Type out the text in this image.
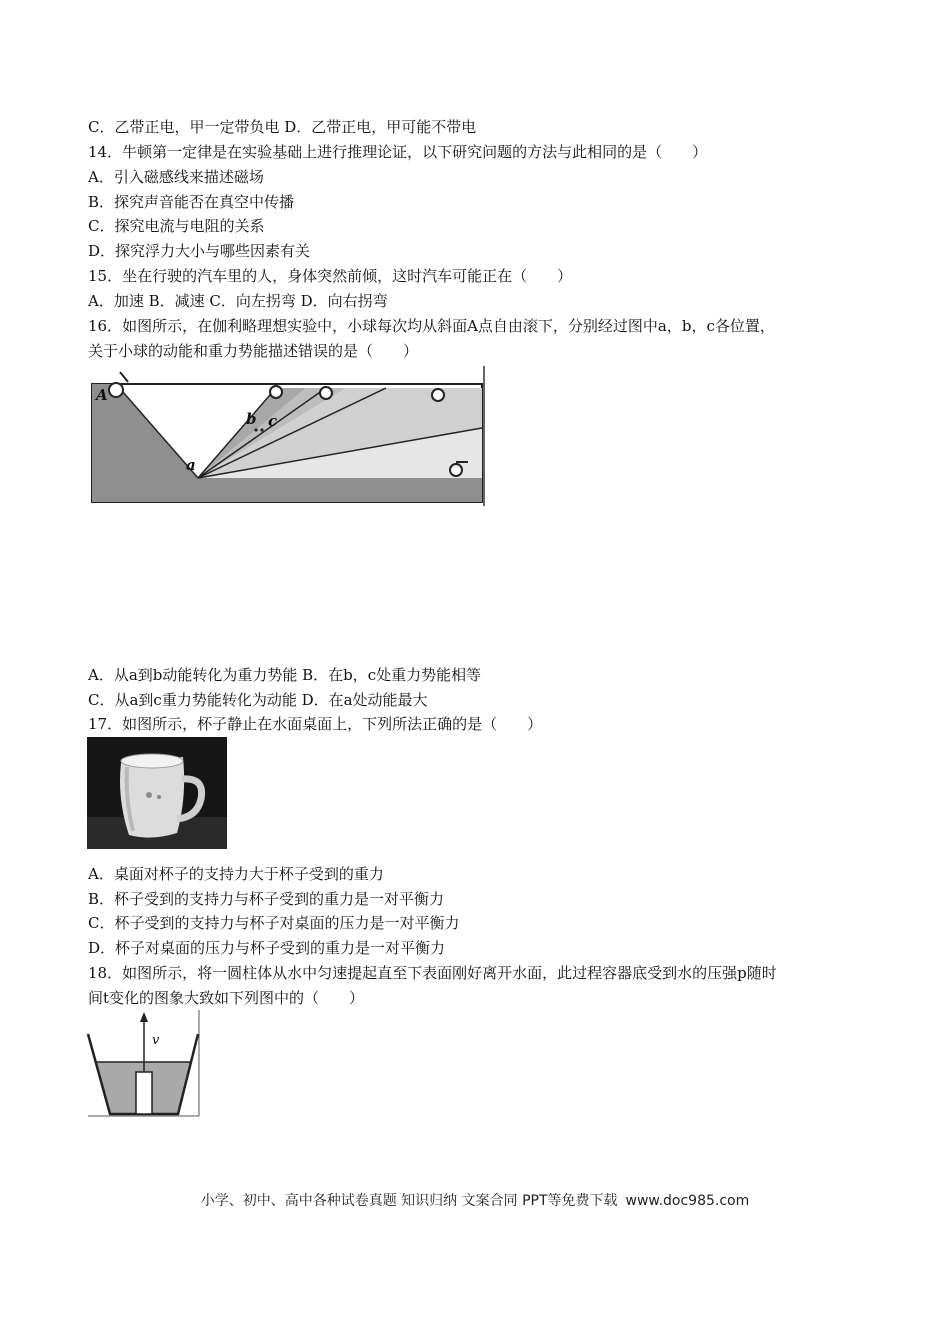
C．乙带正电，甲一定带负电 D．乙带正电，甲可能不带电

14．牛顿第一定律是在实验基础上进行推理论证，以下研究问题的方法与此相同的是（　　）

A．引入磁感线来描述磁场

B．探究声音能否在真空中传播

C．探究电流与电阻的关系

D．探究浮力大小与哪些因素有关

15．坐在行驶的汽车里的人，身体突然前倾，这时汽车可能正在（　　）

A．加速 B．减速 C．向左拐弯 D．向右拐弯

16．如图所示，在伽利略理想实验中，小球每次均从斜面A点自由滚下，分别经过图中a，b，c各位置，

关于小球的动能和重力势能描述错误的是（　　）

A
b c
a

A．从a到b动能转化为重力势能 B．在b，c处重力势能相等

C．从a到c重力势能转化为动能 D．在a处动能最大

17．如图所示，杯子静止在水面桌面上，下列所法正确的是（　　）

A．桌面对杯子的支持力大于杯子受到的重力

B．杯子受到的支持力与杯子受到的重力是一对平衡力

C．杯子受到的支持力与杯子对桌面的压力是一对平衡力

D．杯子对桌面的压力与杯子受到的重力是一对平衡力

18．如图所示，将一圆柱体从水中匀速提起直至下表面刚好离开水面，此过程容器底受到水的压强p随时

间t变化的图象大致如下列图中的（　　）

v
小学、初中、高中各种试卷真题 知识归纳 文案合同 PPT等免费下载 www.doc985.com
